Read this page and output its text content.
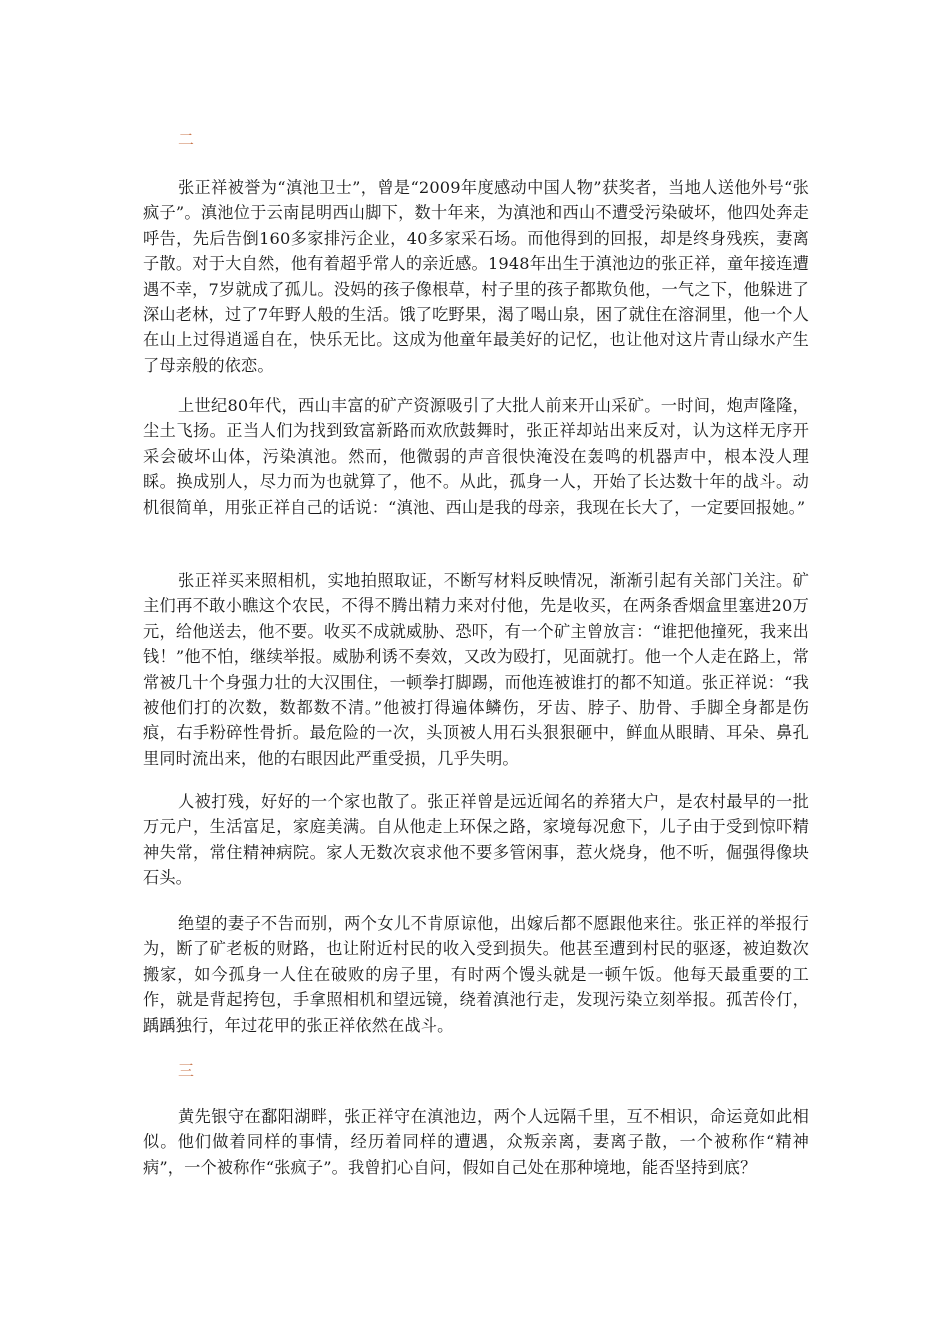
二

张正祥被誉为“滇池卫士”，曾是“2009年度感动中国人物”获奖者，当地人送他外号“张疯子”。滇池位于云南昆明西山脚下，数十年来，为滇池和西山不遭受污染破坏，他四处奔走呼告，先后告倒160多家排污企业，40多家采石场。而他得到的回报，却是终身残疾，妻离子散。对于大自然，他有着超乎常人的亲近感。1948年出生于滇池边的张正祥，童年接连遭遇不幸，7岁就成了孤儿。没妈的孩子像根草，村子里的孩子都欺负他，一气之下，他躲进了深山老林，过了7年野人般的生活。饿了吃野果，渴了喝山泉，困了就住在溶洞里，他一个人在山上过得逍遥自在，快乐无比。这成为他童年最美好的记忆，也让他对这片青山绿水产生了母亲般的依恋。

上世纪80年代，西山丰富的矿产资源吸引了大批人前来开山采矿。一时间，炮声隆隆，尘土飞扬。正当人们为找到致富新路而欢欣鼓舞时，张正祥却站出来反对，认为这样无序开采会破坏山体，污染滇池。然而，他微弱的声音很快淹没在轰鸣的机器声中，根本没人理睬。换成别人，尽力而为也就算了，他不。从此，孤身一人，开始了长达数十年的战斗。动机很简单，用张正祥自己的话说：“滇池、西山是我的母亲，我现在长大了，一定要回报她。”

张正祥买来照相机，实地拍照取证，不断写材料反映情况，渐渐引起有关部门关注。矿主们再不敢小瞧这个农民，不得不腾出精力来对付他，先是收买，在两条香烟盒里塞进20万元，给他送去，他不要。收买不成就威胁、恐吓，有一个矿主曾放言：“谁把他撞死，我来出钱！”他不怕，继续举报。威胁利诱不奏效，又改为殴打，见面就打。他一个人走在路上，常常被几十个身强力壮的大汉围住，一顿拳打脚踢，而他连被谁打的都不知道。张正祥说：“我被他们打的次数，数都数不清。”他被打得遍体鳞伤，牙齿、脖子、肋骨、手脚全身都是伤痕，右手粉碎性骨折。最危险的一次，头顶被人用石头狠狠砸中，鲜血从眼睛、耳朵、鼻孔里同时流出来，他的右眼因此严重受损，几乎失明。

人被打残，好好的一个家也散了。张正祥曾是远近闻名的养猪大户，是农村最早的一批万元户，生活富足，家庭美满。自从他走上环保之路，家境每况愈下，儿子由于受到惊吓精神失常，常住精神病院。家人无数次哀求他不要多管闲事，惹火烧身，他不听，倔强得像块石头。

绝望的妻子不告而别，两个女儿不肯原谅他，出嫁后都不愿跟他来往。张正祥的举报行为，断了矿老板的财路，也让附近村民的收入受到损失。他甚至遭到村民的驱逐，被迫数次搬家，如今孤身一人住在破败的房子里，有时两个馒头就是一顿午饭。他每天最重要的工作，就是背起挎包，手拿照相机和望远镜，绕着滇池行走，发现污染立刻举报。孤苦伶仃，踽踽独行，年过花甲的张正祥依然在战斗。

三

黄先银守在鄱阳湖畔，张正祥守在滇池边，两个人远隔千里，互不相识，命运竟如此相似。他们做着同样的事情，经历着同样的遭遇，众叛亲离，妻离子散，一个被称作“精神病”，一个被称作“张疯子”。我曾扪心自问，假如自己处在那种境地，能否坚持到底？
